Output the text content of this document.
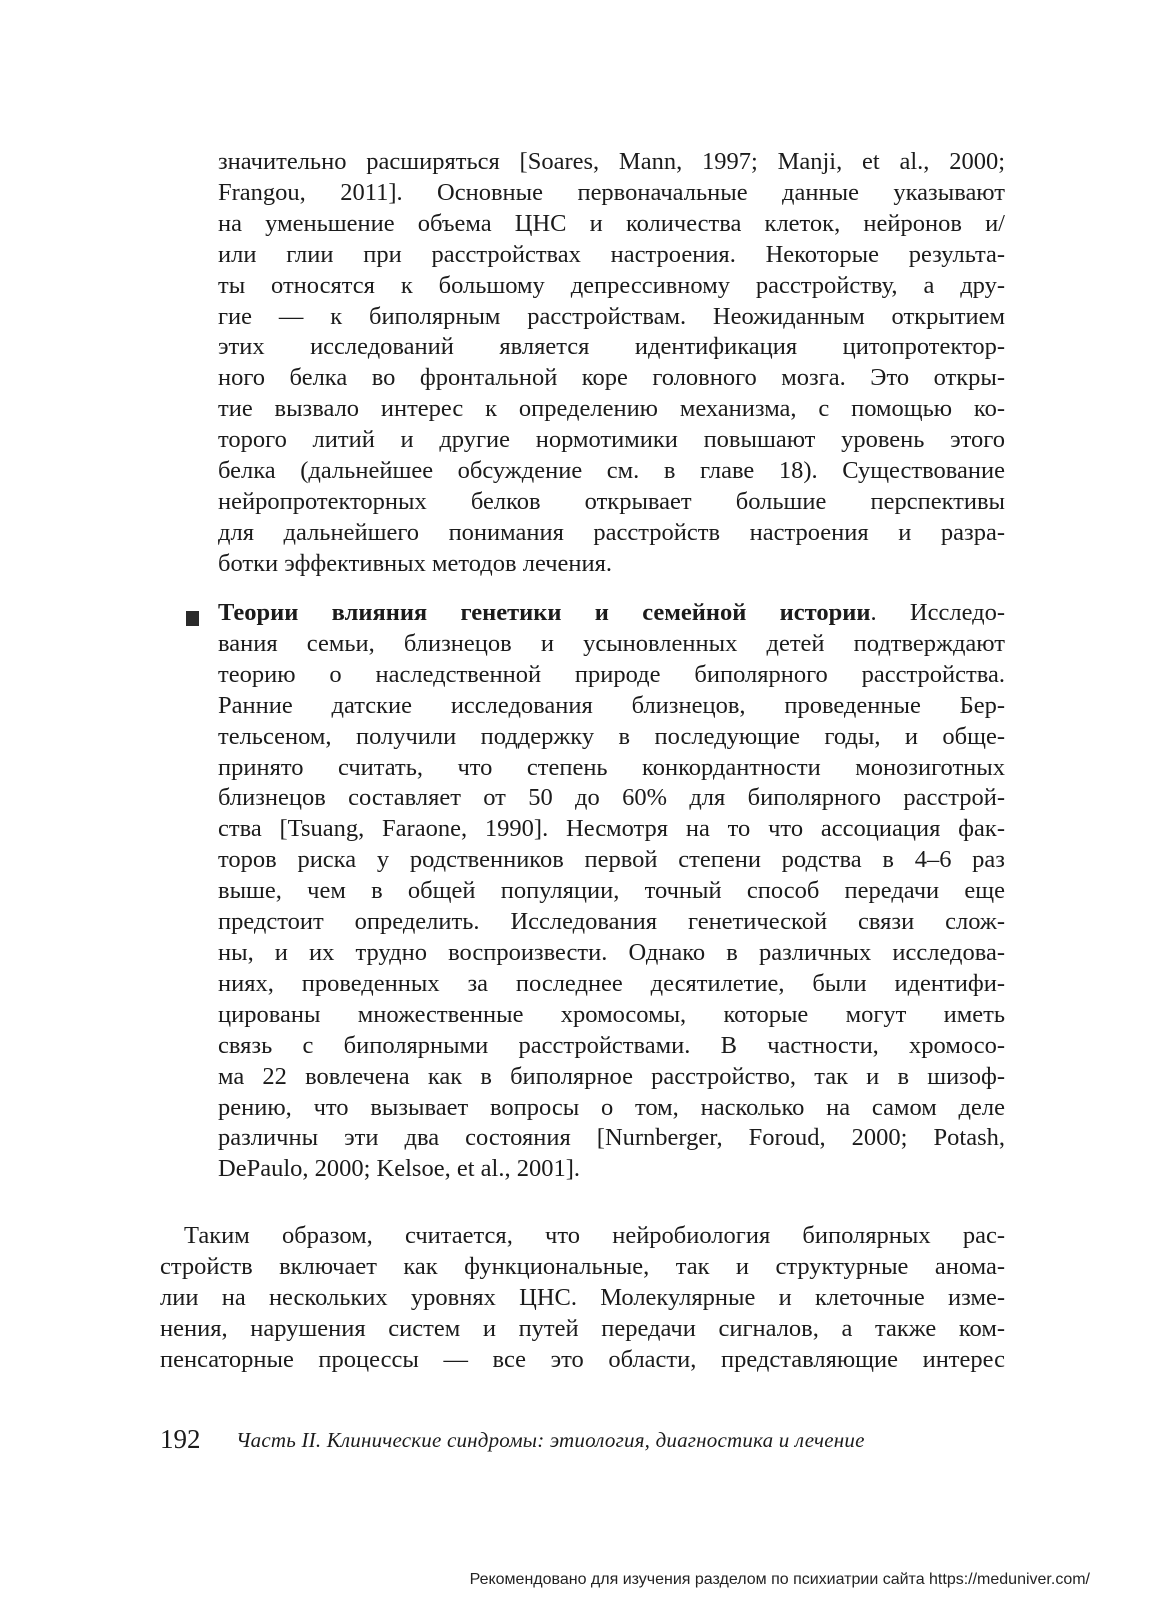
значительно расширяться [Soares, Mann, 1997; Manji, et al., 2000;
Frangou, 2011]. Основные первоначальные данные указывают
на уменьшение объема ЦНС и количества клеток, нейронов и/
или глии при расстройствах настроения. Некоторые результа-
ты относятся к большому депрессивному расстройству, а дру-
гие — к биполярным расстройствам. Неожиданным открытием
этих исследований является идентификация цитопротектор-
ного белка во фронтальной коре головного мозга. Это откры-
тие вызвало интерес к определению механизма, с помощью ко-
торого литий и другие нормотимики повышают уровень этого
белка (дальнейшее обсуждение см. в главе 18). Существование
нейропротекторных белков открывает большие перспективы
для дальнейшего понимания расстройств настроения и разра-
ботки эффективных методов лечения.
Теории влияния генетики и семейной истории. Исследо-
вания семьи, близнецов и усыновленных детей подтверждают
теорию о наследственной природе биполярного расстройства.
Ранние датские исследования близнецов, проведенные Бер-
тельсеном, получили поддержку в последующие годы, и обще-
принято считать, что степень конкордантности монозиготных
близнецов составляет от 50 до 60% для биполярного расстрой-
ства [Tsuang, Faraone, 1990]. Несмотря на то что ассоциация фак-
торов риска у родственников первой степени родства в 4–6 раз
выше, чем в общей популяции, точный способ передачи еще
предстоит определить. Исследования генетической связи слож-
ны, и их трудно воспроизвести. Однако в различных исследова-
ниях, проведенных за последнее десятилетие, были идентифи-
цированы множественные хромосомы, которые могут иметь
связь с биполярными расстройствами. В частности, хромосо-
ма 22 вовлечена как в биполярное расстройство, так и в шизоф-
рению, что вызывает вопросы о том, насколько на самом деле
различны эти два состояния [Nurnberger, Foroud, 2000; Potash,
DePaulo, 2000; Kelsoe, et al., 2001].
Таким образом, считается, что нейробиология биполярных рас-
стройств включает как функциональные, так и структурные анома-
лии на нескольких уровнях ЦНС. Молекулярные и клеточные изме-
нения, нарушения систем и путей передачи сигналов, а также ком-
пенсаторные процессы — все это области, представляющие интерес
192 Часть II. Клинические синдромы: этиология, диагностика и лечение
Рекомендовано для изучения разделом по психиатрии сайта https://meduniver.com/
